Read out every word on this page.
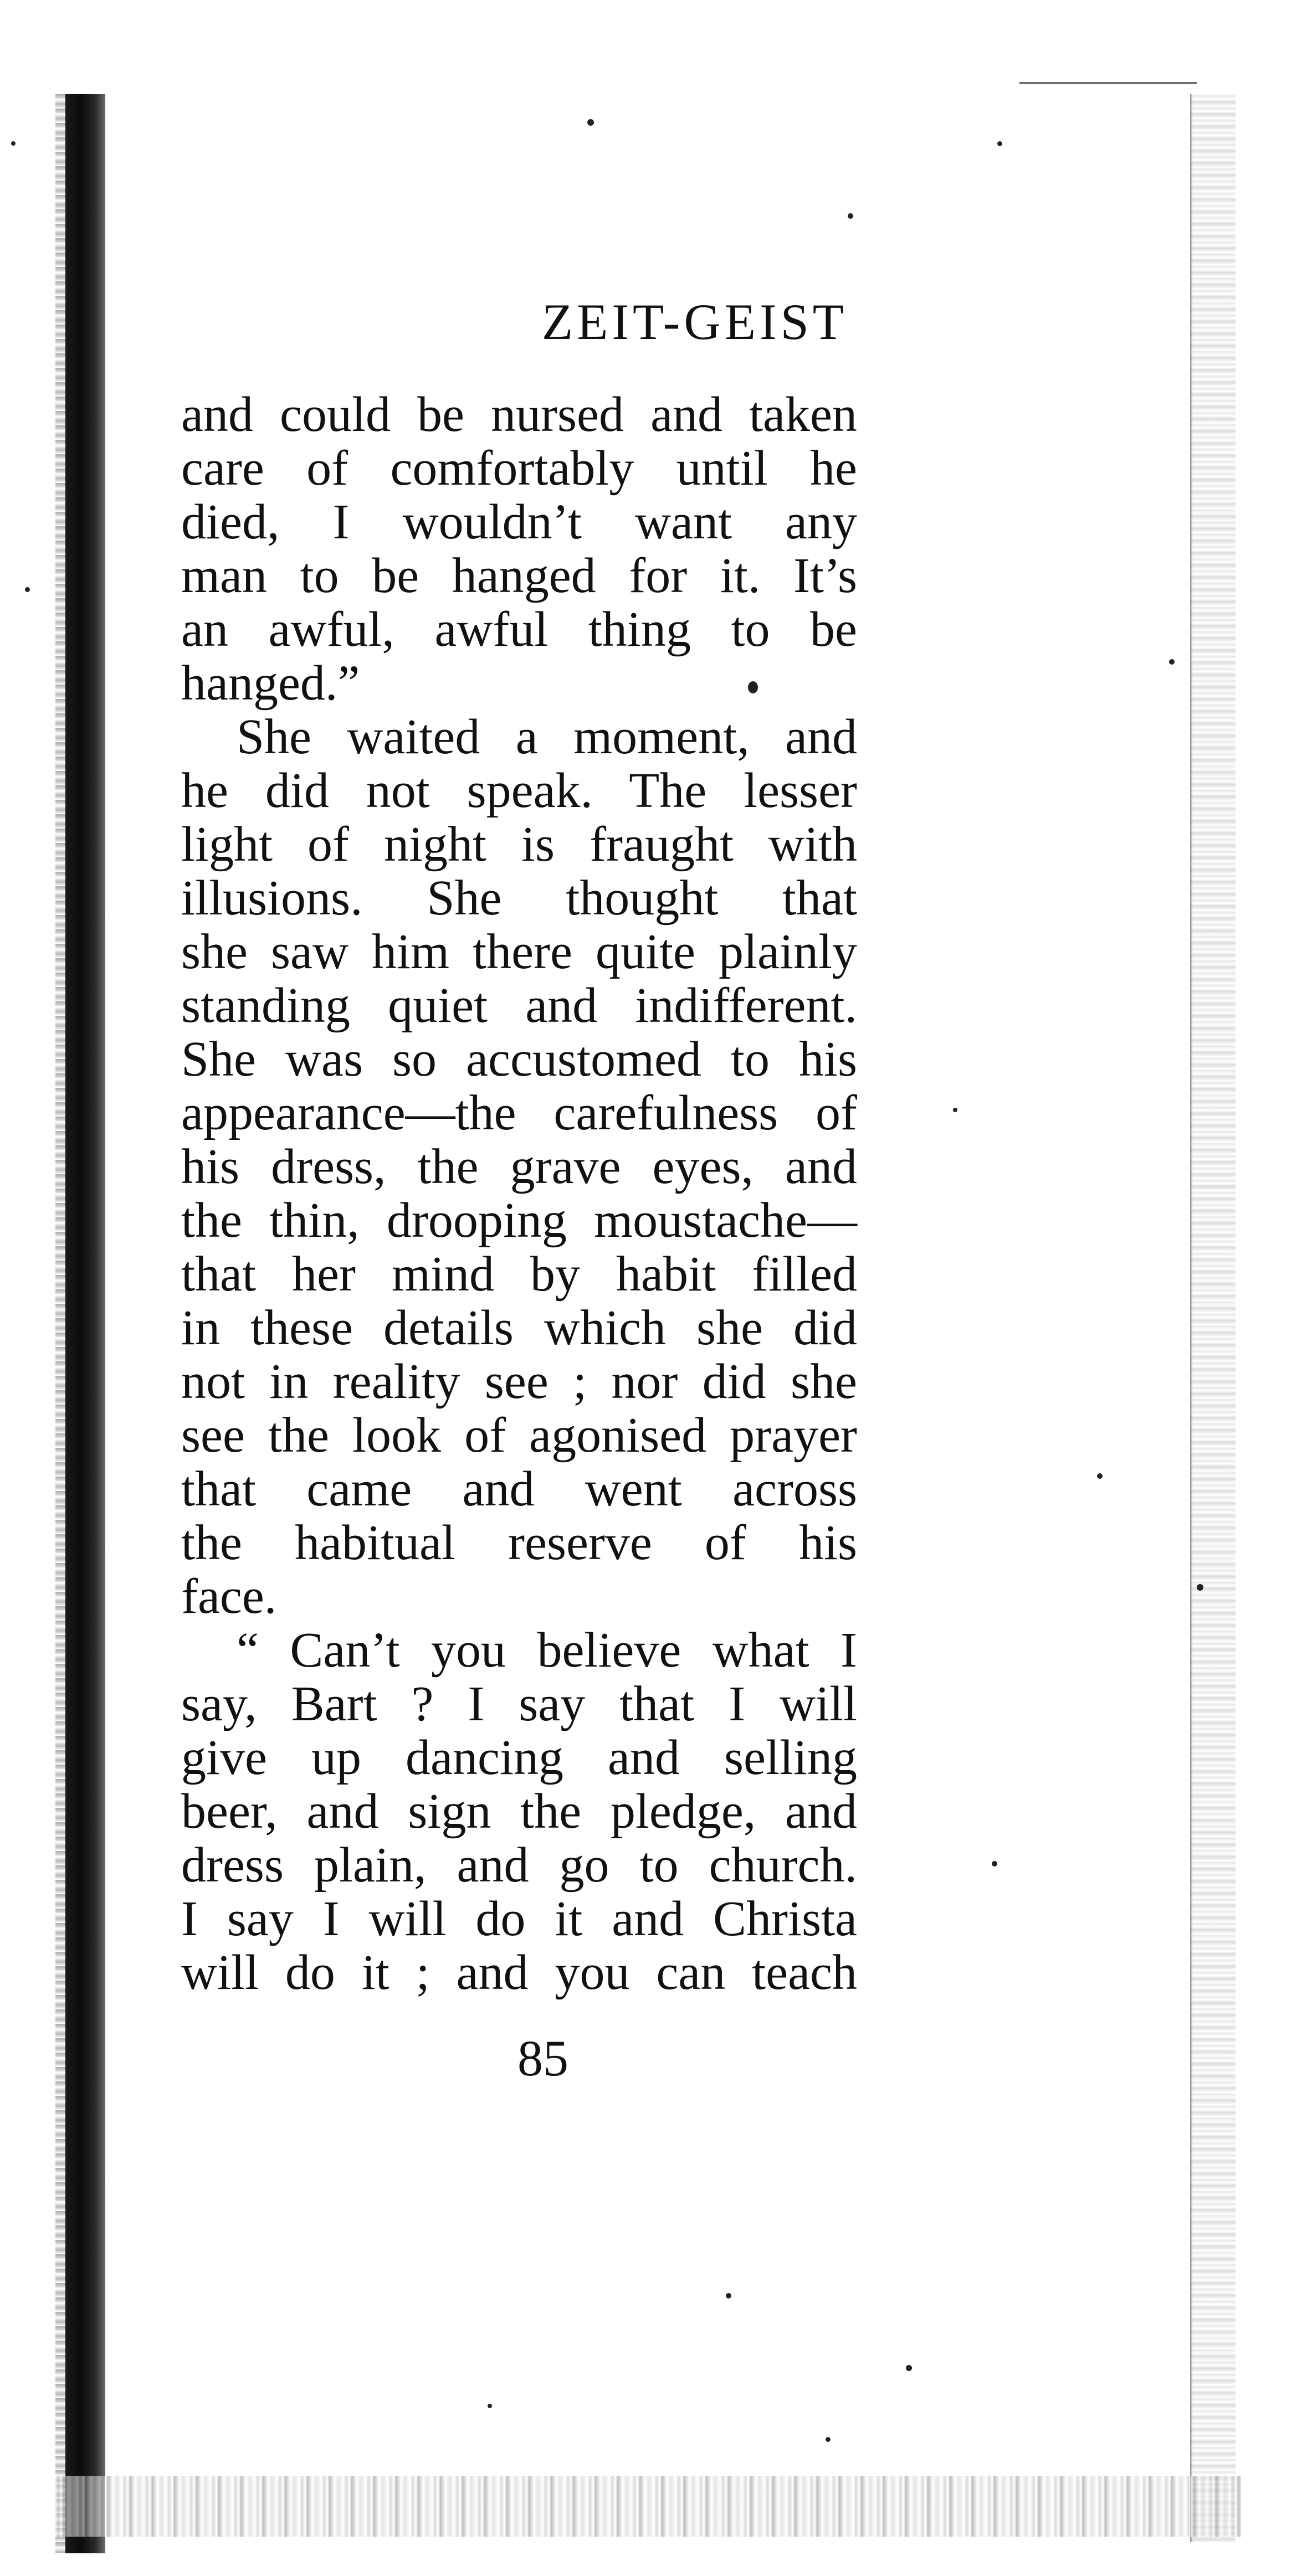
ZEIT-GEIST
and could be nursed and taken
care of comfortably until he
died, I wouldn’t want any
man to be hanged for it. It’s
an awful, awful thing to be
hanged.”
She waited a moment, and
he did not speak. The lesser
light of night is fraught with
illusions. She thought that
she saw him there quite plainly
standing quiet and indifferent.
She was so accustomed to his
appearance—the carefulness of
his dress, the grave eyes, and
the thin, drooping moustache—
that her mind by habit filled
in these details which she did
not in reality see ; nor did she
see the look of agonised prayer
that came and went across
the habitual reserve of his
face.
“ Can’t you believe what I
say, Bart ? I say that I will
give up dancing and selling
beer, and sign the pledge, and
dress plain, and go to church.
I say I will do it and Christa
will do it ; and you can teach
85
